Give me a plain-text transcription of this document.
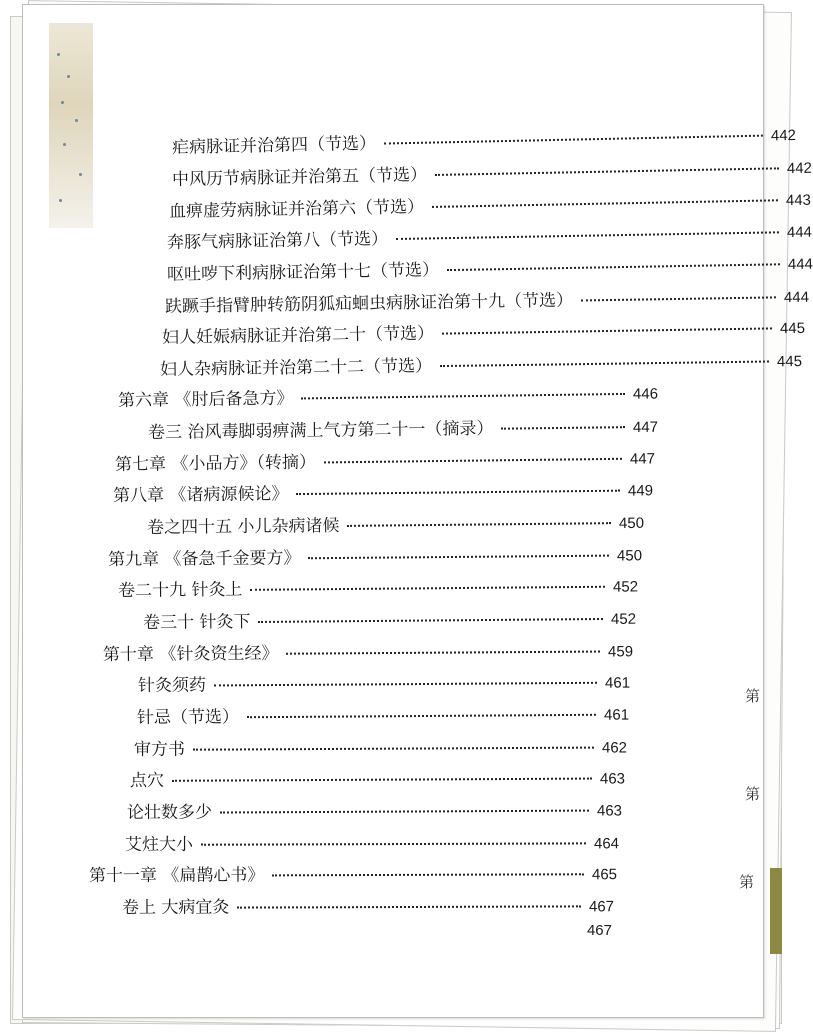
第
第
第
疟病脉证并治第四（节选）	442
中风历节病脉证并治第五（节选）	442
血痹虚劳病脉证并治第六（节选）	443
奔豚气病脉证治第八（节选）	444
呕吐哕下利病脉证治第十七（节选）	444
趺蹶手指臂肿转筋阴狐疝蛔虫病脉证治第十九（节选）	444
妇人妊娠病脉证并治第二十（节选）	445
妇人杂病脉证并治第二十二（节选）	445
第六章 《肘后备急方》	446
卷三 治风毒脚弱痹满上气方第二十一（摘录）	447
第七章 《小品方》（转摘）	447
第八章 《诸病源候论》	449
卷之四十五 小儿杂病诸候	450
第九章 《备急千金要方》	450
卷二十九 针灸上	452
卷三十 针灸下	452
第十章 《针灸资生经》	459
针灸须药	461
针忌（节选）	461
审方书	462
点穴	463
论壮数多少	463
艾炷大小	464
第十一章 《扁鹊心书》	465
卷上 大病宜灸	467
467
